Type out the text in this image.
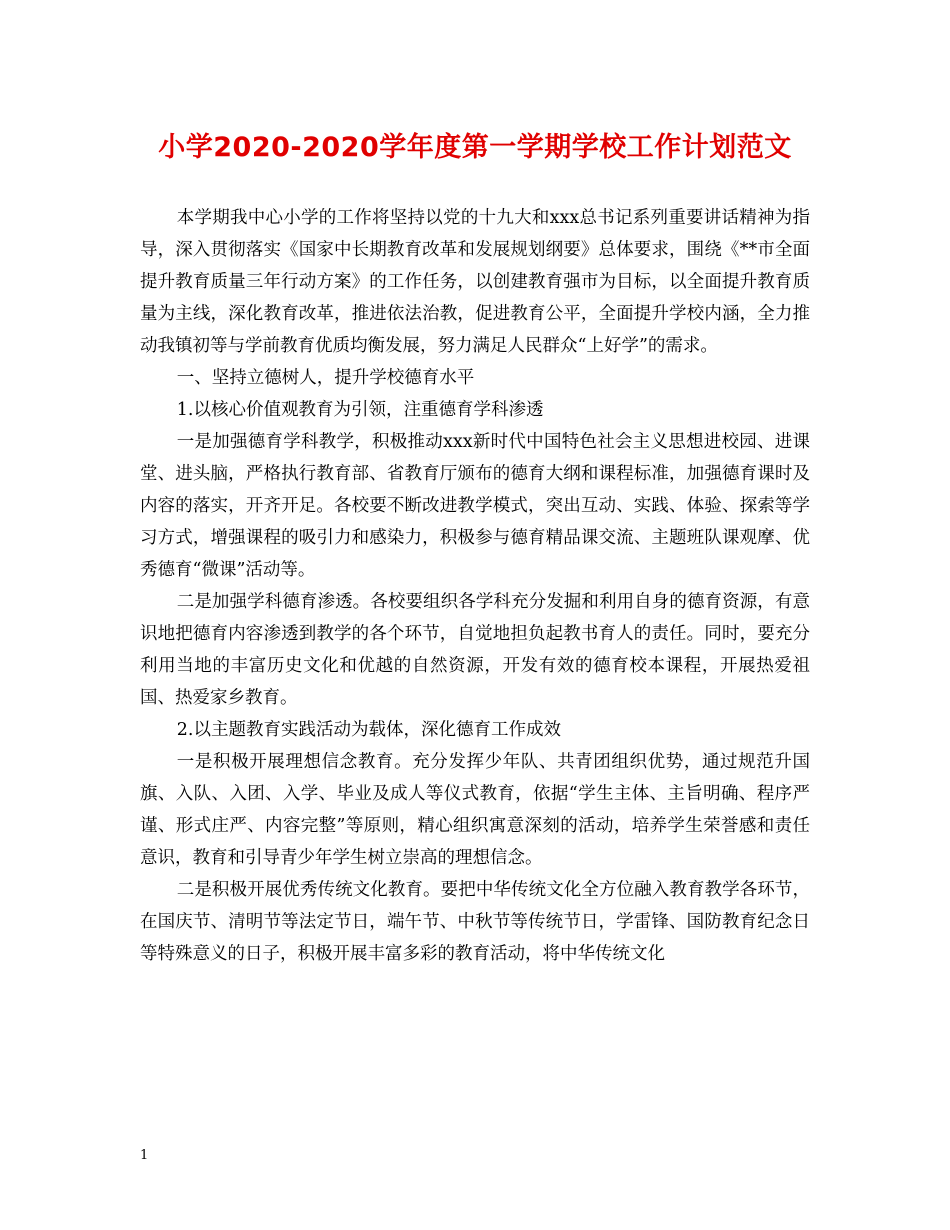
小学2020-2020学年度第一学期学校工作计划范文

本学期我中心小学的工作将坚持以党的十九大和xxx总书记系列重要讲话精神为指导，深入贯彻落实《国家中长期教育改革和发展规划纲要》总体要求，围绕《**市全面提升教育质量三年行动方案》的工作任务，以创建教育强市为目标，以全面提升教育质量为主线，深化教育改革，推进依法治教，促进教育公平，全面提升学校内涵，全力推动我镇初等与学前教育优质均衡发展，努力满足人民群众“上好学”的需求。

一、坚持立德树人，提升学校德育水平

1.以核心价值观教育为引领，注重德育学科渗透

一是加强德育学科教学，积极推动xxx新时代中国特色社会主义思想进校园、进课堂、进头脑，严格执行教育部、省教育厅颁布的德育大纲和课程标准，加强德育课时及内容的落实，开齐开足。各校要不断改进教学模式，突出互动、实践、体验、探索等学习方式，增强课程的吸引力和感染力，积极参与德育精品课交流、主题班队课观摩、优秀德育“微课”活动等。

二是加强学科德育渗透。各校要组织各学科充分发掘和利用自身的德育资源，有意识地把德育内容渗透到教学的各个环节，自觉地担负起教书育人的责任。同时，要充分利用当地的丰富历史文化和优越的自然资源，开发有效的德育校本课程，开展热爱祖国、热爱家乡教育。

2.以主题教育实践活动为载体，深化德育工作成效

一是积极开展理想信念教育。充分发挥少年队、共青团组织优势，通过规范升国旗、入队、入团、入学、毕业及成人等仪式教育，依据“学生主体、主旨明确、程序严谨、形式庄严、内容完整”等原则，精心组织寓意深刻的活动，培养学生荣誉感和责任意识，教育和引导青少年学生树立崇高的理想信念。

二是积极开展优秀传统文化教育。要把中华传统文化全方位融入教育教学各环节，在国庆节、清明节等法定节日，端午节、中秋节等传统节日，学雷锋、国防教育纪念日等特殊意义的日子，积极开展丰富多彩的教育活动，将中华传统文化

1
